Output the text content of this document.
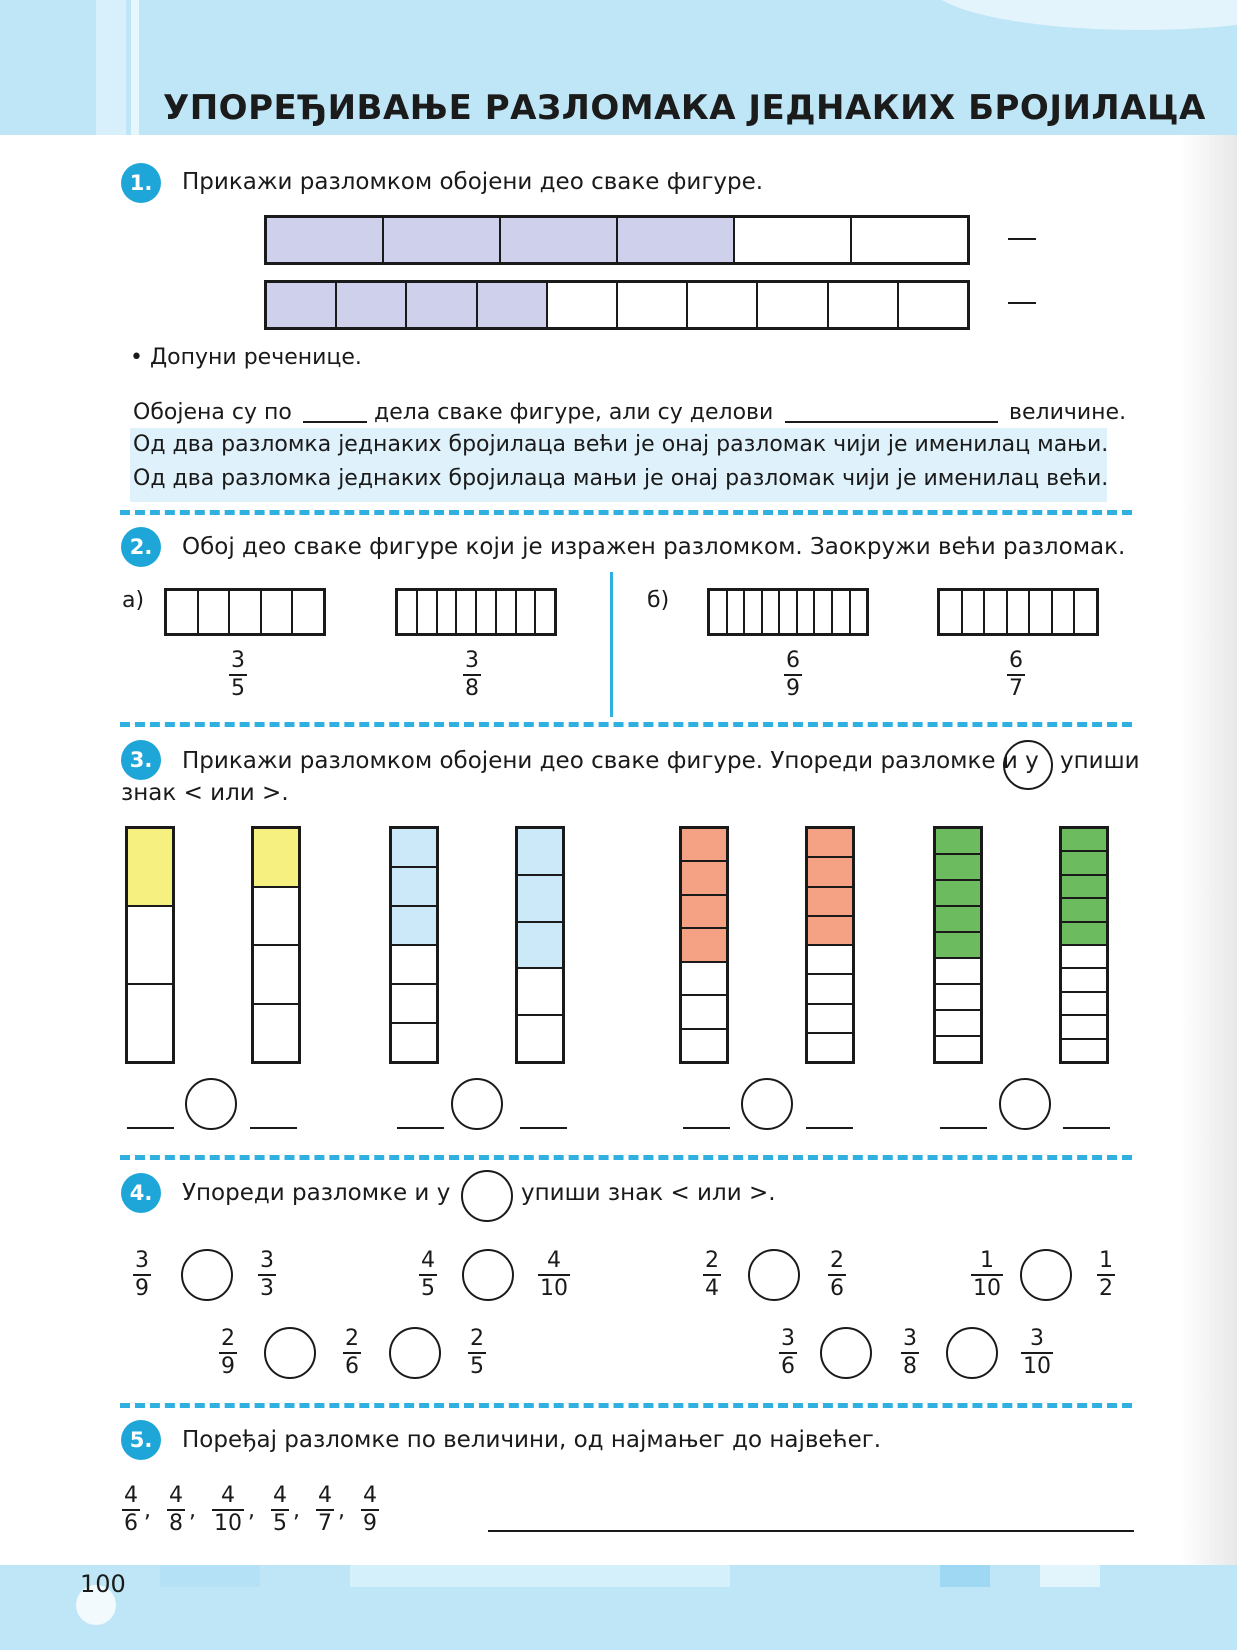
УПОРЕЂИВАЊЕ РАЗЛОМАКА ЈЕДНАКИХ БРОЈИЛАЦА
1.	Прикажи разломком обојени део сваке фигуре.
• Допуни реченице.
Обојена су по	дела сваке фигуре, али су делови	величине.
Од два разломка једнаких бројилаца већи је онај разломак чији је именилац мањи.
Од два разломка једнаких бројилаца мањи је онај разломак чији је именилац већи.
2.	Обој део сваке фигуре који је изражен разломком. Заокружи већи разломак.
а)	б)
$\frac{3}{5}$	$\frac{3}{8}$	$\frac{6}{9}$	$\frac{6}{7}$
3.	Прикажи разломком обојени део сваке фигуре. Упореди разломке и у упиши
знак < или >.
4.	Упореди разломке и у	упиши знак < или >.
$\frac{3}{9}$	$\frac{3}{3}$	$\frac{4}{5}$	$\frac{4}{10}$	$\frac{2}{4}$	$\frac{2}{6}$	$\frac{1}{10}$	$\frac{1}{2}$
$\frac{2}{9}$	$\frac{2}{6}$	$\frac{2}{5}$	$\frac{3}{6}$	$\frac{3}{8}$	$\frac{3}{10}$
5.	Поређај разломке по величини, од најмањег до највећег.
$\frac{4}{6}$ , $\frac{4}{8}$ , $\frac{4}{10}$ , $\frac{4}{5}$ , $\frac{4}{7}$ , $\frac{4}{9}$
100
